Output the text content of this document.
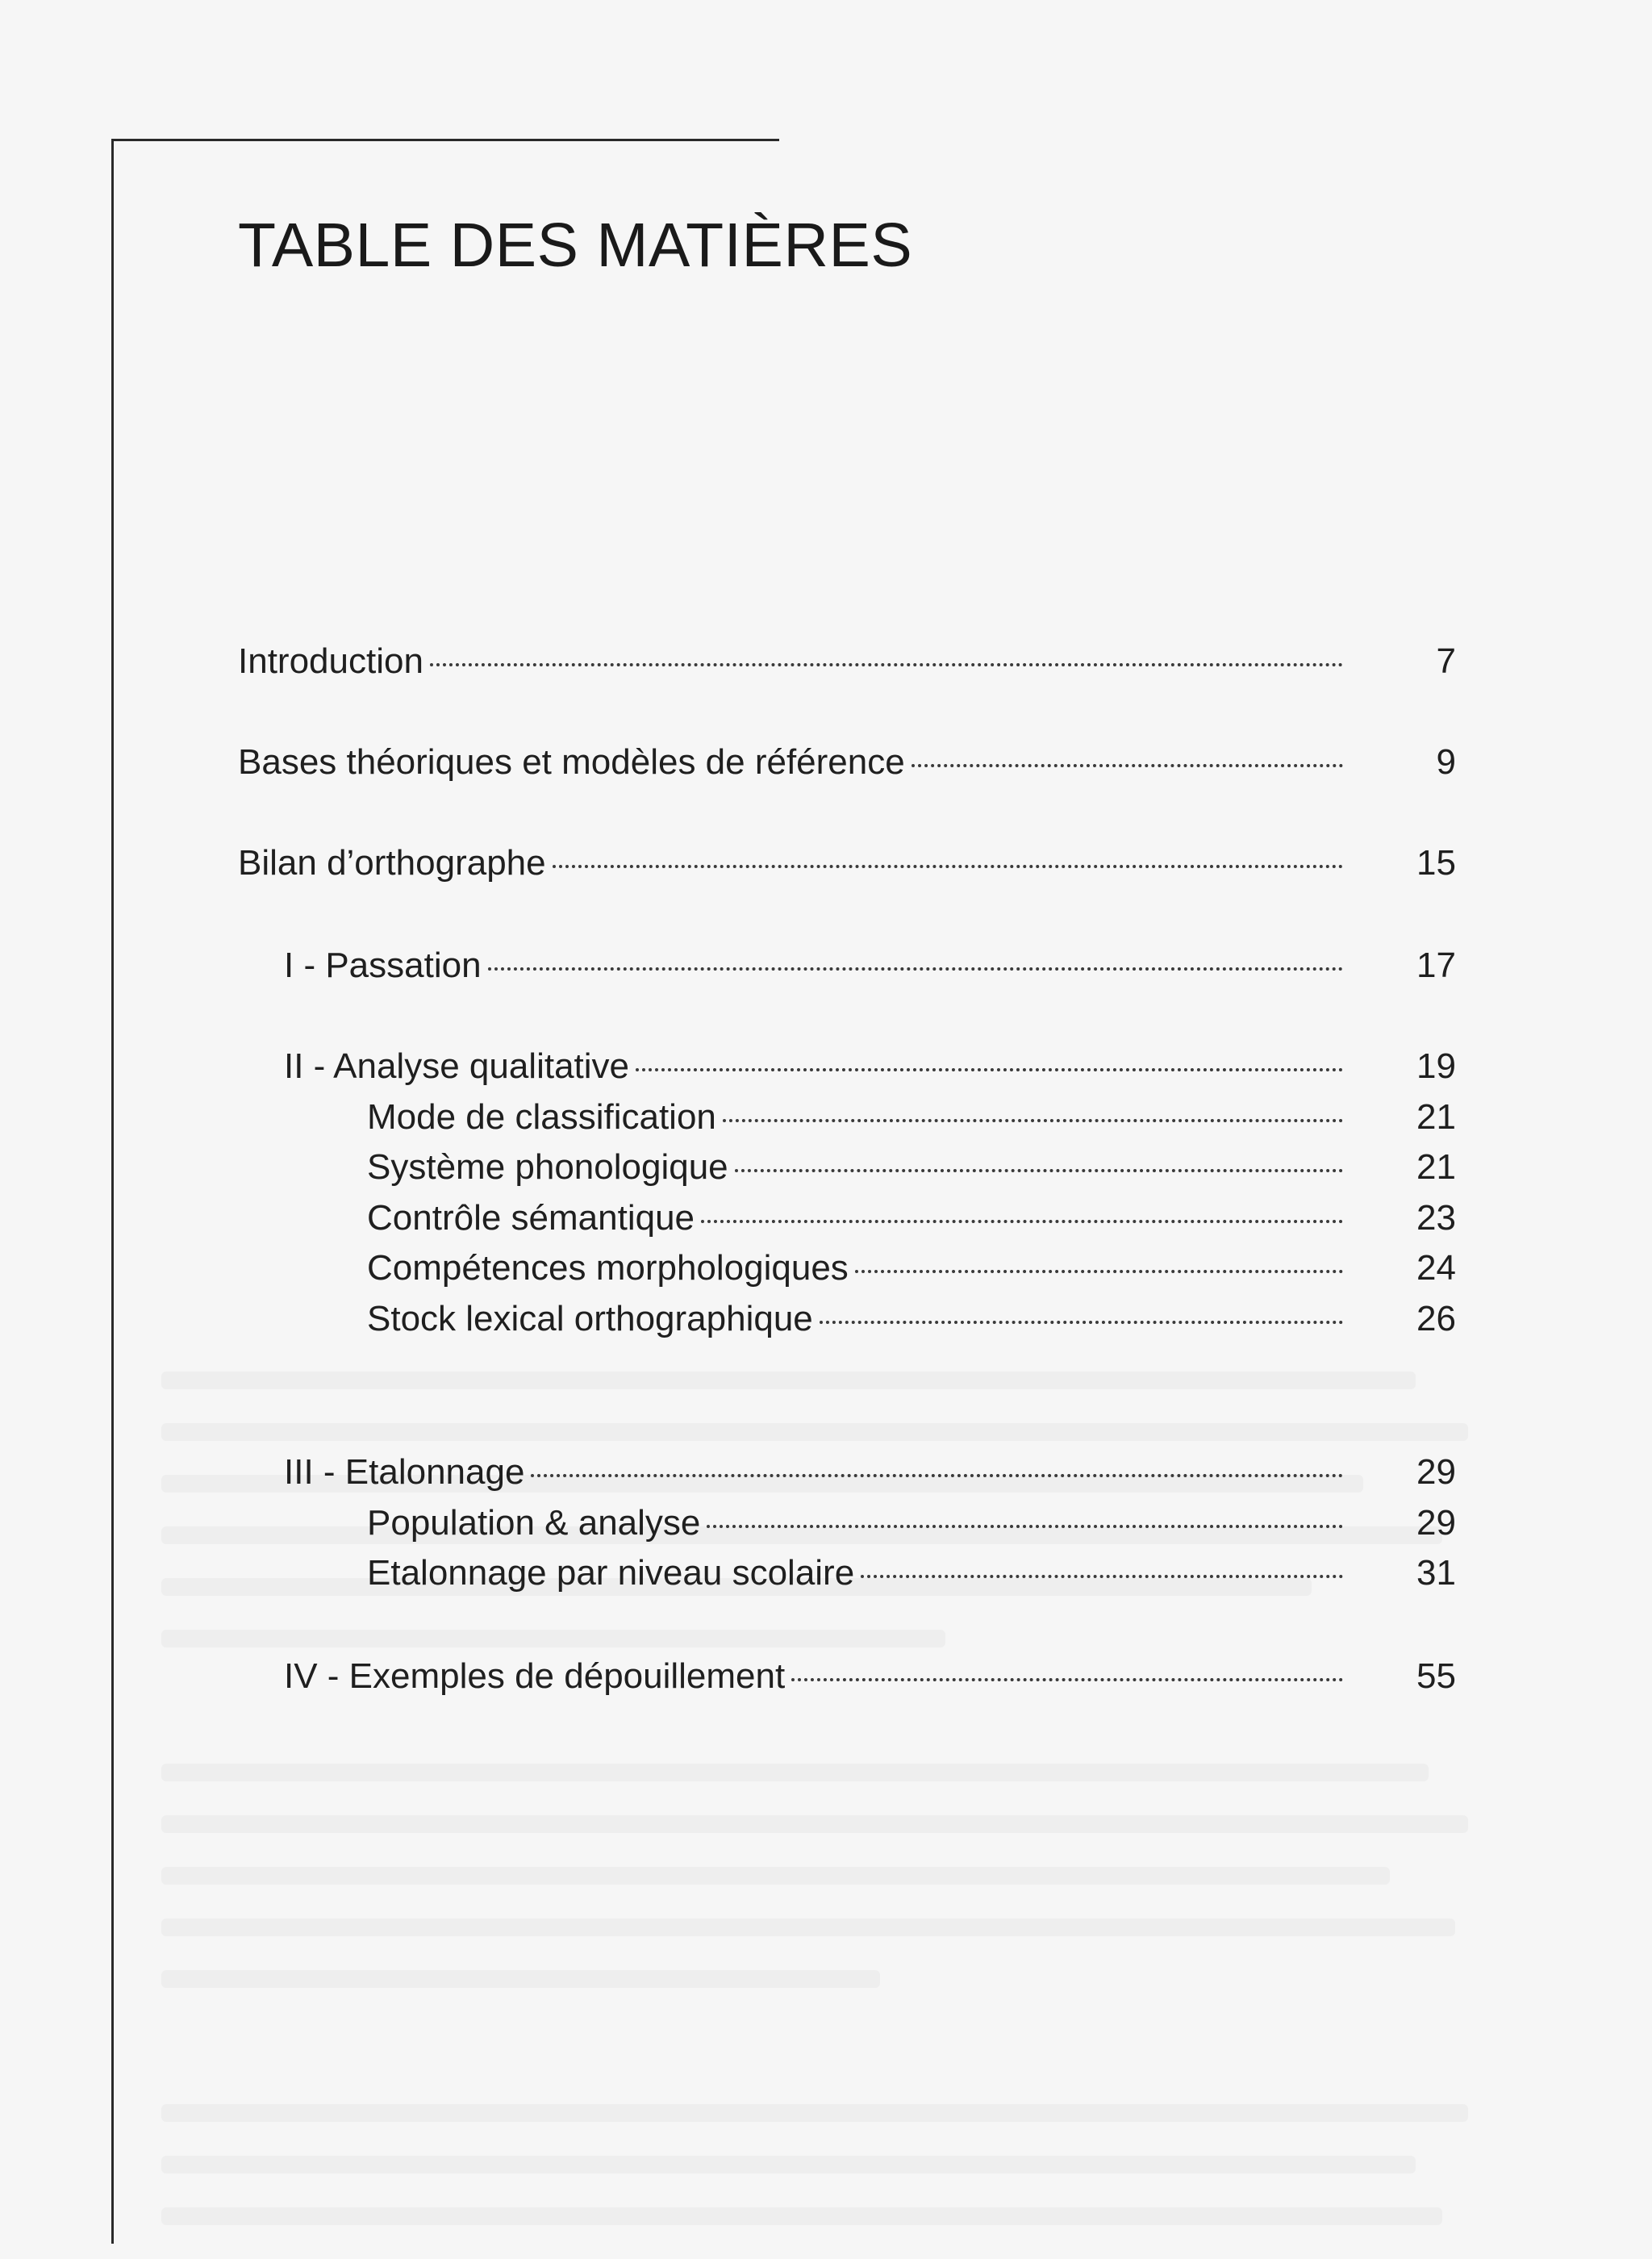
TABLE DES MATIÈRES
Introduction	7
Bases théoriques et modèles de référence	9
Bilan d’orthographe	15
I - Passation	17
II - Analyse qualitative	19
Mode de classification	21
Système phonologique	21
Contrôle sémantique	23
Compétences morphologiques	24
Stock lexical orthographique	26
III - Etalonnage	29
Population & analyse	29
Etalonnage par niveau scolaire	31
IV - Exemples de dépouillement	55
